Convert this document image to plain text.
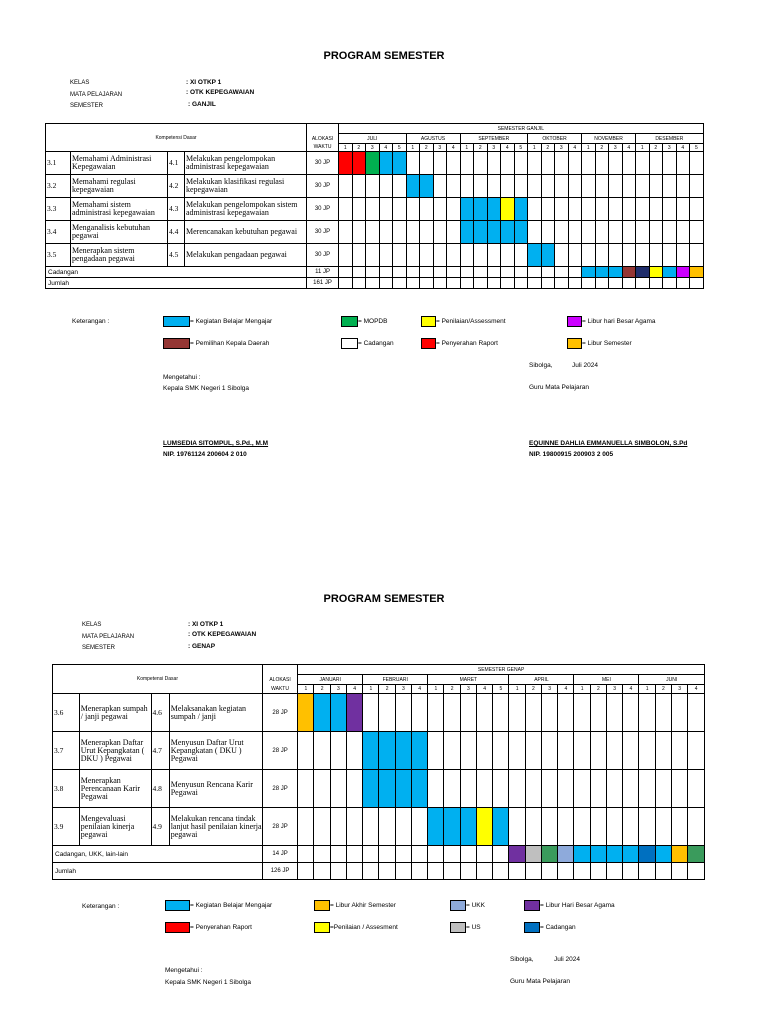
PROGRAM SEMESTER
KELAS	: XI OTKP 1
MATA PELAJARAN	: OTK KEPEGAWAIAN
SEMESTER	: GANJIL
Kompetensi Dasar					SEMESTER GANJIL																										
				ALOKASI	JULI					AGUSTUS				SEPTEMBER					OKTOBER				NOVEMBER				DESEMBER				
				WAKTU	1	2	3	4	5	1	2	3	4	1	2	3	4	5	1	2	3	4	1	2	3	4	1	2	3	4	5
3.1	Memahami Administrasi Kepegawaian	4.1	Melakukan pengelompokan administrasi kepegawaian	30 JP																											
3.2	Memahami regulasi kepegawaian	4.2	Melakukan klasifikasi regulasi kepegawaian	30 JP																											
3.3	Memahami sistem administrasi kepegawaian	4.3	Melakukan pengelompokan sistem administrasi kepegawaian	30 JP																											
3.4	Menganalisis kebutuhan pegawai	4.4	Merencanakan kebutuhan pegawai	30 JP																											
3.5	Menerapkan sistem pengadaan pegawai	4.5	Melakukan pengadaan pegawai	30 JP																											
Cadangan				11 JP																											
Jumlah				161 JP																											
Keterangan :	= Kegiatan Belajar Mengajar	= MOPDB	= Penilaian/Assessment	= Libur hari Besar Agama
= Pemilihan Kepala Daerah	= Cadangan	= Penyerahan Raport	= Libur Semester
Sibolga,	Juli 2024
Mengetahui :
Kepala SMK Negeri 1 Sibolga	Guru Mata Pelajaran
LUMSEDIA SITOMPUL, S.Pd., M.M
NIP. 19761124 200604 2 010
EQUINNE DAHLIA EMMANUELLA SIMBOLON, S.Pd
NIP. 19800915 200903 2 005
PROGRAM SEMESTER
KELAS	: XI OTKP 1
MATA PELAJARAN	: OTK KEPEGAWAIAN
SEMESTER	: GENAP
Kompetensi Dasar					SEMESTER GENAP																								
				ALOKASI	JANUARI				FEBRUARI				MARET					APRIL				MEI				JUNI			
				WAKTU	1	2	3	4	1	2	3	4	1	2	3	4	5	1	2	3	4	1	2	3	4	1	2	3	4
3.6	Menerapkan sumpah / janji pegawai	4.6	Melaksanakan kegiatan sumpah / janji	28 JP																									
3.7	Menerapkan Daftar Urut Kepangkatan ( DKU ) Pegawai	4.7	Menyusun Daftar Urut Kepangkatan ( DKU ) Pegawai	28 JP																									
3.8	Menerapkan Perencanaan Karir Pegawai	4.8	Menyusun Rencana Karir Pegawai	28 JP																									
3.9	Mengevaluasi penilaian kinerja pegawai	4.9	Melakukan rencana tindak lanjut hasil penilaian kinerja pegawai	28 JP																									
Cadangan, UKK, lain-lain				14 JP																									
Jumlah				126 JP																									
Keterangan :	= Kegiatan Belajar Mengajar	= Libur Akhir Semester	= UKK	= Libur Hari Besar Agama
= Penyerahan Raport	=Penilaian / Assesment	= US	= Cadangan
Sibolga,	Juli 2024
Mengetahui :
Kepala SMK Negeri 1 Sibolga	Guru Mata Pelajaran
